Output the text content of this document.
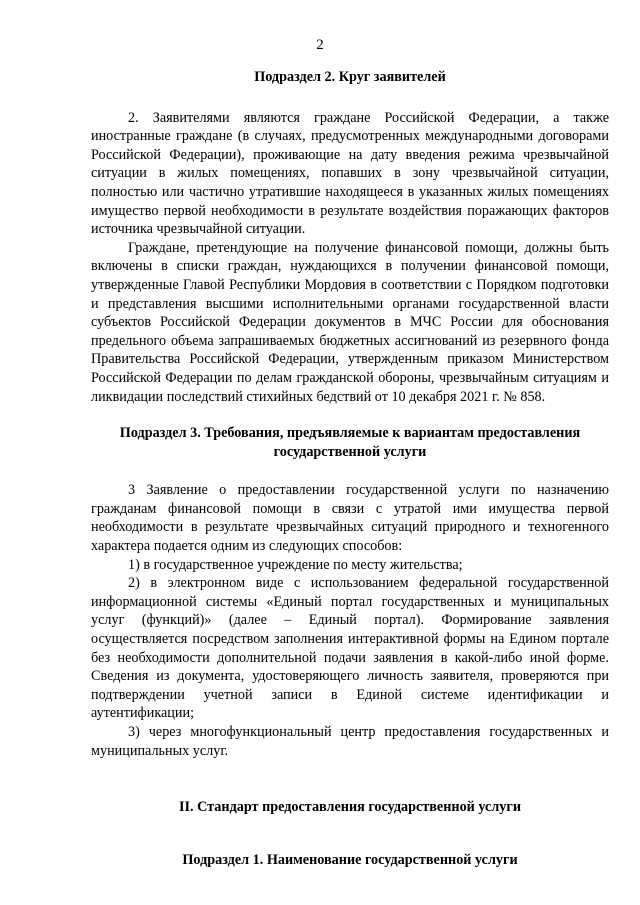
2

Подраздел 2. Круг заявителей

2. Заявителями являются граждане Российской Федерации, а также иностранные граждане (в случаях, предусмотренных международными договорами Российской Федерации), проживающие на дату введения режима чрезвычайной ситуации в жилых помещениях, попавших в зону чрезвычайной ситуации, полностью или частично утратившие находящееся в указанных жилых помещениях имущество первой необходимости в результате воздействия поражающих факторов источника чрезвычайной ситуации.

Граждане, претендующие на получение финансовой помощи, должны быть включены в списки граждан, нуждающихся в получении финансовой помощи, утвержденные Главой Республики Мордовия в соответствии с Порядком подготовки и представления высшими исполнительными органами государственной власти субъектов Российской Федерации документов в МЧС России для обоснования предельного объема запрашиваемых бюджетных ассигнований из резервного фонда Правительства Российской Федерации, утвержденным приказом Министерством Российской Федерации по делам гражданской обороны, чрезвычайным ситуациям и ликвидации последствий стихийных бедствий от 10 декабря 2021 г. № 858.

Подраздел 3. Требования, предъявляемые к вариантам предоставления государственной услуги

3 Заявление о предоставлении государственной услуги по назначению гражданам финансовой помощи в связи с утратой ими имущества первой необходимости в результате чрезвычайных ситуаций природного и техногенного характера подается одним из следующих способов:

1) в государственное учреждение по месту жительства;

2) в электронном виде с использованием федеральной государственной информационной системы «Единый портал государственных и муниципальных услуг (функций)» (далее – Единый портал). Формирование заявления осуществляется посредством заполнения интерактивной формы на Едином портале без необходимости дополнительной подачи заявления в какой-либо иной форме. Сведения из документа, удостоверяющего личность заявителя, проверяются при подтверждении учетной записи в Единой системе идентификации и аутентификации;

3) через многофункциональный центр предоставления государственных и муниципальных услуг.

II. Стандарт предоставления государственной услуги

Подраздел 1. Наименование государственной услуги
